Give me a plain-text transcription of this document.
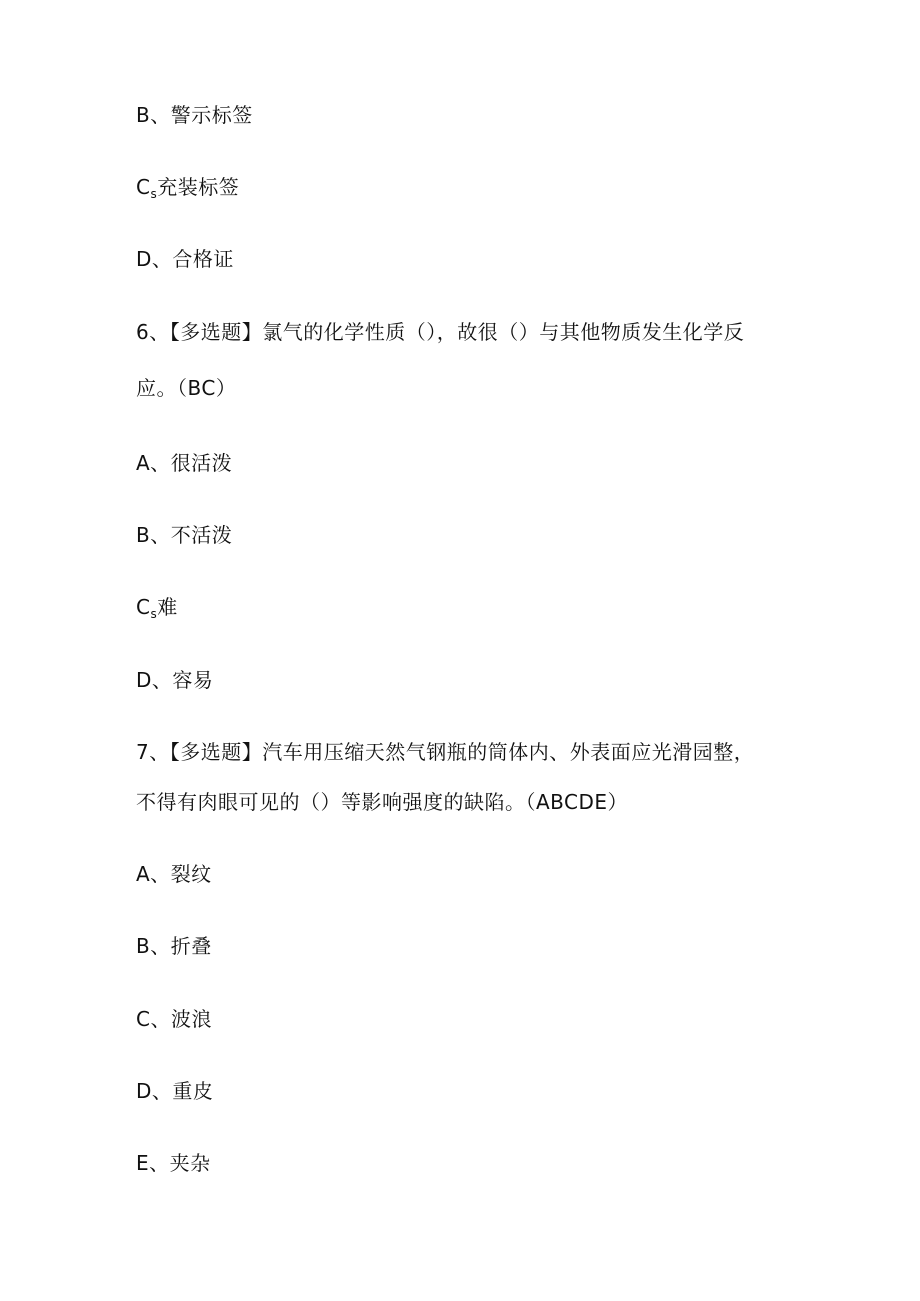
B、警示标签
$C_s$充装标签
D、合格证
6、【多选题】氯气的化学性质（），故很（）与其他物质发生化学反
应。（BC）
A、很活泼
B、不活泼
$C_s$难
D、容易
7、【多选题】汽车用压缩天然气钢瓶的筒体内、外表面应光滑园整，
不得有肉眼可见的（）等影响强度的缺陷。（ABCDE）
A、裂纹
B、折叠
C、波浪
D、重皮
E、夹杂
